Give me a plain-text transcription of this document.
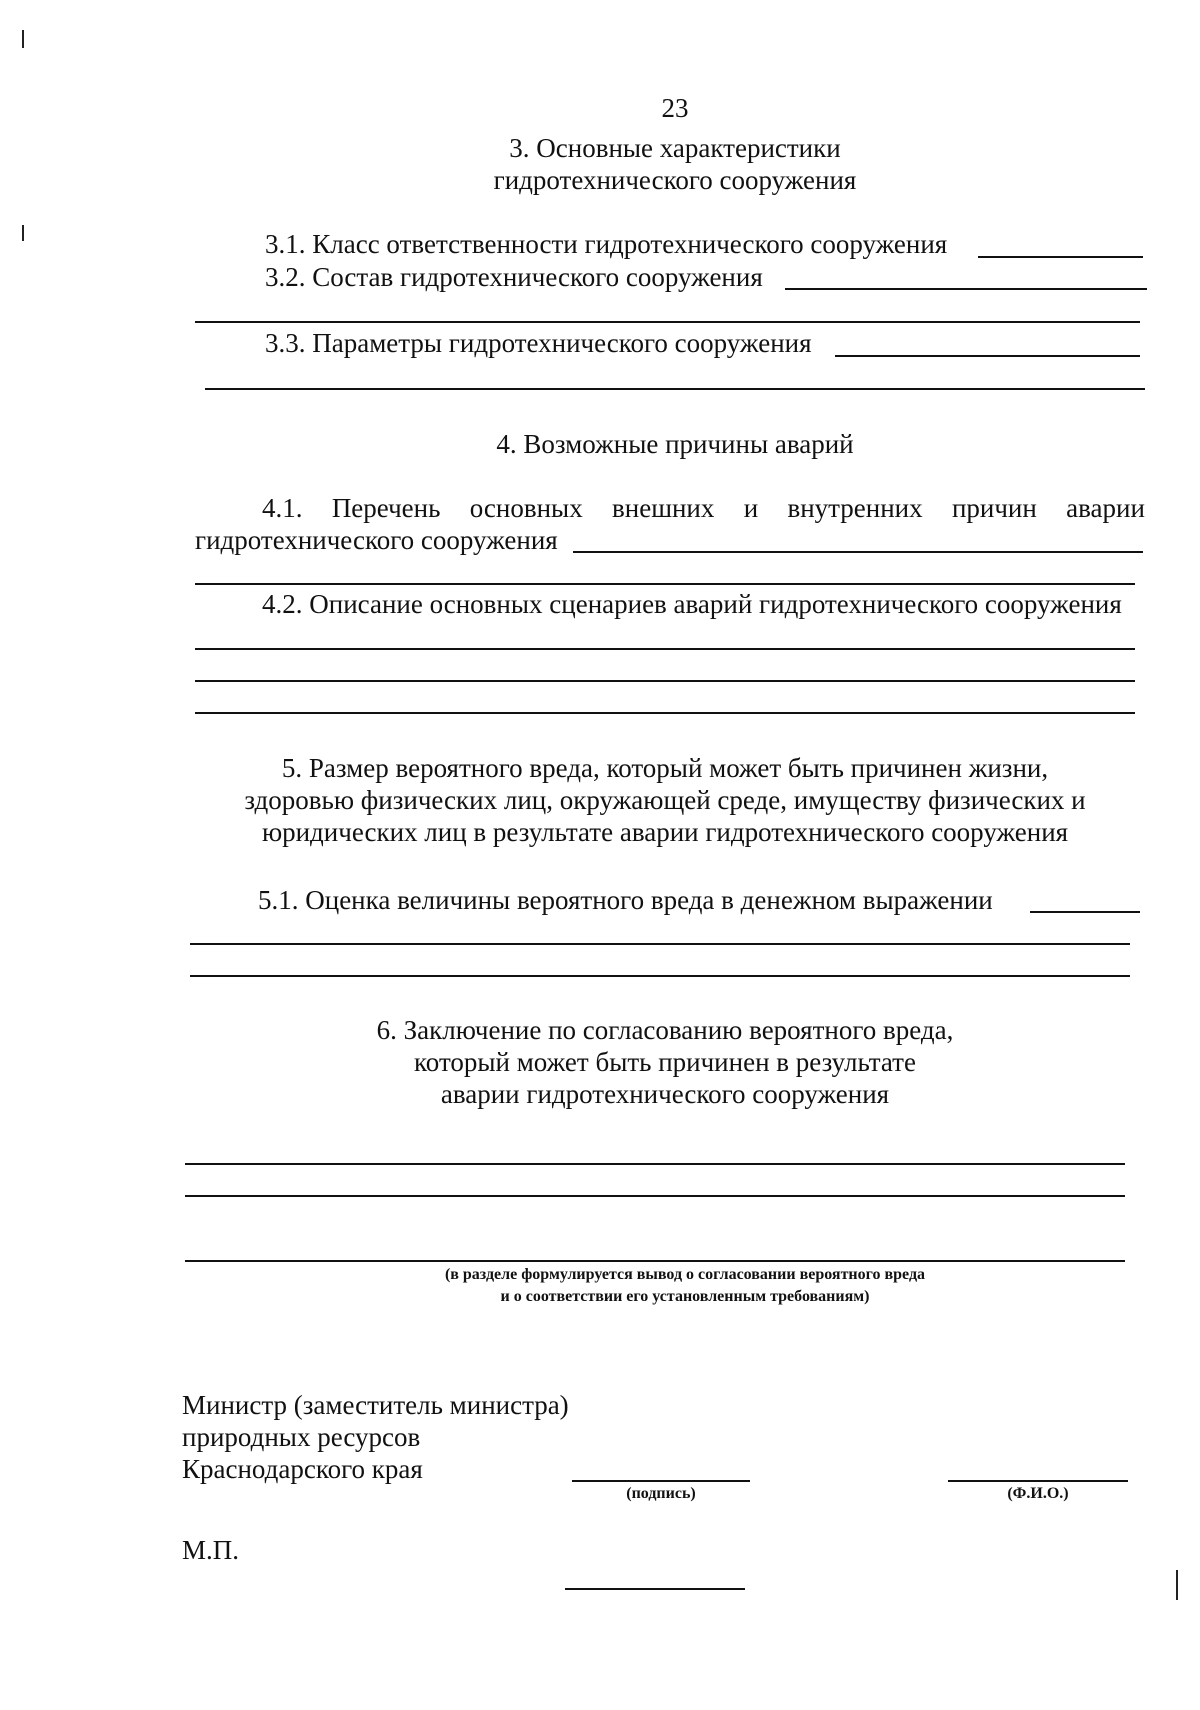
23
3. Основные характеристики
гидротехнического сооружения
3.1. Класс ответственности гидротехнического сооружения
3.2. Состав гидротехнического сооружения
3.3. Параметры гидротехнического сооружения
4. Возможные причины аварий
4.1. Перечень основных внешних и внутренних причин аварии
гидротехнического сооружения
4.2. Описание основных сценариев аварий гидротехнического сооружения
5. Размер вероятного вреда, который может быть причинен жизни,
здоровью физических лиц, окружающей среде, имуществу физических и
юридических лиц в результате аварии гидротехнического сооружения
5.1. Оценка величины вероятного вреда в денежном выражении
6. Заключение по согласованию вероятного вреда,
который может быть причинен в результате
аварии гидротехнического сооружения
(в разделе формулируется вывод о согласовании вероятного вреда
и о соответствии его установленным требованиям)
Министр (заместитель министра)
природных ресурсов
Краснодарского края
(подпись)	(Ф.И.О.)
М.П.
